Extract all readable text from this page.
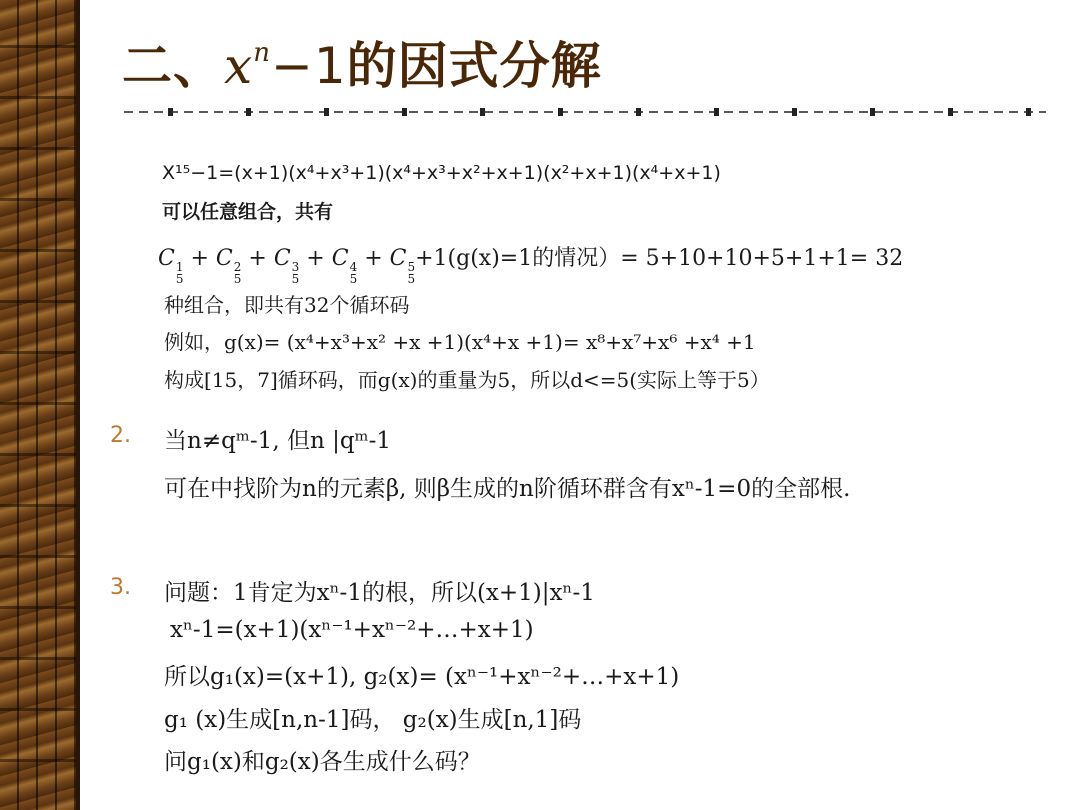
二、$x^n-1$的因式分解
X¹⁵−1=(x+1)(x⁴+x³+1)(x⁴+x³+x²+x+1)(x²+x+1)(x⁴+x+1)
可以任意组合，共有
C 1
5
+ C 2
5
+ C 3
5
+ C 4
5
+ C 5
5
+1(g(x)=1的情况）= 5+10+10+5+1+1= 32
种组合，即共有32个循环码
例如，g(x)= (x⁴+x³+x² +x +1)(x⁴+x +1)= x⁸+x⁷+x⁶ +x⁴ +1
构成[15，7]循环码，而g(x)的重量为5，所以d<=5(实际上等于5）
2. 当n≠qᵐ-1, 但n |qᵐ-1
可在中找阶为n的元素β, 则β生成的n阶循环群含有xⁿ-1=0的全部根.
3. 问题：1肯定为xⁿ-1的根，所以(x+1)|xⁿ-1
xⁿ-1=(x+1)(xⁿ⁻¹+xⁿ⁻²+…+x+1)
所以g₁(x)=(x+1), g₂(x)= (xⁿ⁻¹+xⁿ⁻²+…+x+1)
g₁ (x)生成[n,n-1]码， g₂(x)生成[n,1]码
问g₁(x)和g₂(x)各生成什么码？
